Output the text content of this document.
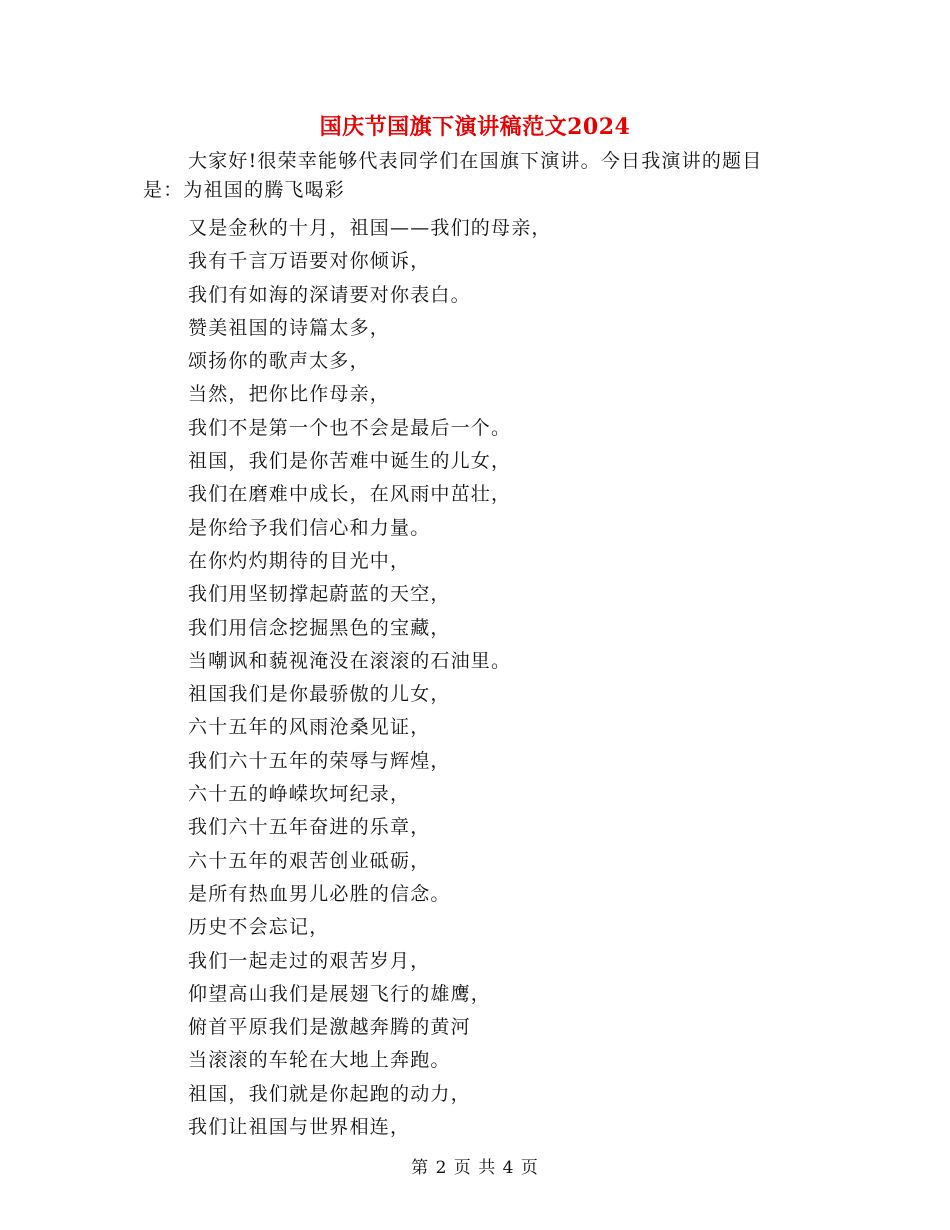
国庆节国旗下演讲稿范文2024
大家好!很荣幸能够代表同学们在国旗下演讲。今日我演讲的题目
是：为祖国的腾飞喝彩
又是金秋的十月，祖国——我们的母亲，
我有千言万语要对你倾诉，
我们有如海的深请要对你表白。
赞美祖国的诗篇太多，
颂扬你的歌声太多，
当然，把你比作母亲，
我们不是第一个也不会是最后一个。
祖国，我们是你苦难中诞生的儿女，
我们在磨难中成长，在风雨中茁壮，
是你给予我们信心和力量。
在你灼灼期待的目光中，
我们用坚韧撑起蔚蓝的天空，
我们用信念挖掘黑色的宝藏，
当嘲讽和藐视淹没在滚滚的石油里。
祖国我们是你最骄傲的儿女，
六十五年的风雨沧桑见证，
我们六十五年的荣辱与辉煌，
六十五的峥嵘坎坷纪录，
我们六十五年奋进的乐章，
六十五年的艰苦创业砥砺，
是所有热血男儿必胜的信念。
历史不会忘记，
我们一起走过的艰苦岁月，
仰望高山我们是展翅飞行的雄鹰，
俯首平原我们是激越奔腾的黄河
当滚滚的车轮在大地上奔跑。
祖国，我们就是你起跑的动力，
我们让祖国与世界相连，
第 2 页 共 4 页
